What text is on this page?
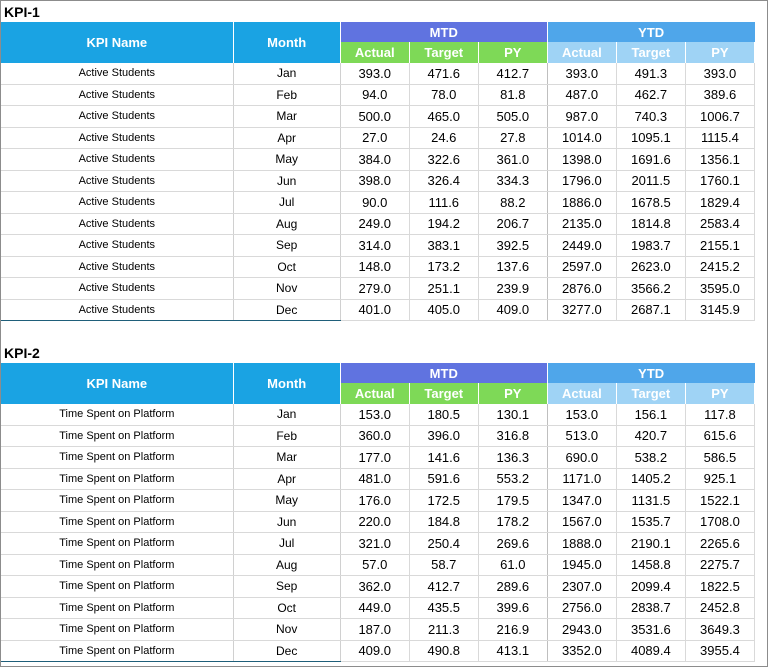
KPI-1
KPI Name	Month	MTD			YTD		
		Actual	Target	PY	Actual	Target	PY
Active Students	Jan	393.0	471.6	412.7	393.0	491.3	393.0
Active Students	Feb	94.0	78.0	81.8	487.0	462.7	389.6
Active Students	Mar	500.0	465.0	505.0	987.0	740.3	1006.7
Active Students	Apr	27.0	24.6	27.8	1014.0	1095.1	1115.4
Active Students	May	384.0	322.6	361.0	1398.0	1691.6	1356.1
Active Students	Jun	398.0	326.4	334.3	1796.0	2011.5	1760.1
Active Students	Jul	90.0	111.6	88.2	1886.0	1678.5	1829.4
Active Students	Aug	249.0	194.2	206.7	2135.0	1814.8	2583.4
Active Students	Sep	314.0	383.1	392.5	2449.0	1983.7	2155.1
Active Students	Oct	148.0	173.2	137.6	2597.0	2623.0	2415.2
Active Students	Nov	279.0	251.1	239.9	2876.0	3566.2	3595.0
Active Students	Dec	401.0	405.0	409.0	3277.0	2687.1	3145.9
KPI-2
KPI Name	Month	MTD			YTD		
		Actual	Target	PY	Actual	Target	PY
Time Spent on Platform	Jan	153.0	180.5	130.1	153.0	156.1	117.8
Time Spent on Platform	Feb	360.0	396.0	316.8	513.0	420.7	615.6
Time Spent on Platform	Mar	177.0	141.6	136.3	690.0	538.2	586.5
Time Spent on Platform	Apr	481.0	591.6	553.2	1171.0	1405.2	925.1
Time Spent on Platform	May	176.0	172.5	179.5	1347.0	1131.5	1522.1
Time Spent on Platform	Jun	220.0	184.8	178.2	1567.0	1535.7	1708.0
Time Spent on Platform	Jul	321.0	250.4	269.6	1888.0	2190.1	2265.6
Time Spent on Platform	Aug	57.0	58.7	61.0	1945.0	1458.8	2275.7
Time Spent on Platform	Sep	362.0	412.7	289.6	2307.0	2099.4	1822.5
Time Spent on Platform	Oct	449.0	435.5	399.6	2756.0	2838.7	2452.8
Time Spent on Platform	Nov	187.0	211.3	216.9	2943.0	3531.6	3649.3
Time Spent on Platform	Dec	409.0	490.8	413.1	3352.0	4089.4	3955.4
